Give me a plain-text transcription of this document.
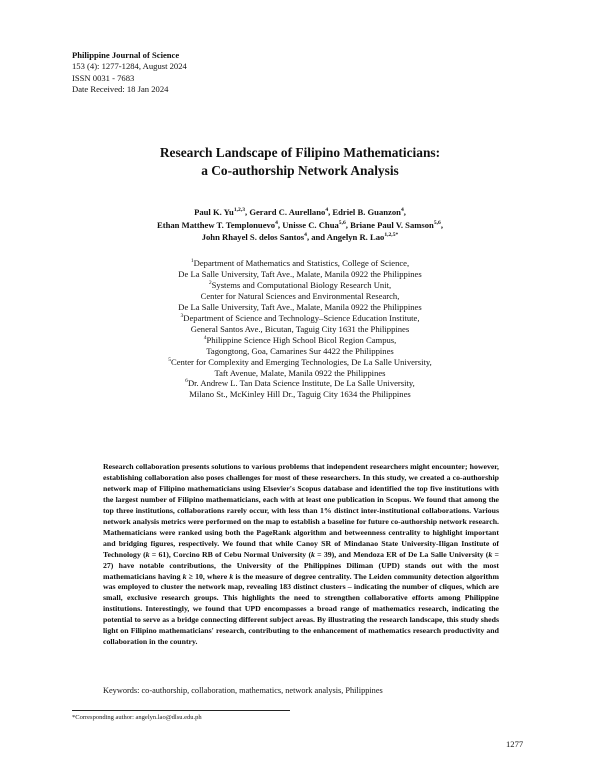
Philippine Journal of Science
153 (4): 1277-1284, August 2024
ISSN 0031 - 7683
Date Received: 18 Jan 2024
Research Landscape of Filipino Mathematicians:
a Co-authorship Network Analysis
Paul K. Yu$^{1,2,3}$, Gerard C. Aurellano$^4$, Edriel B. Guanzon$^4$,
Ethan Matthew T. Templonuevo$^4$, Unisse C. Chua$^{5,6}$, Briane Paul V. Samson$^{5,6}$,
John Rhayel S. delos Santos$^4$, and Angelyn R. Lao$^{1,2,5*}$
$^1$Department of Mathematics and Statistics, College of Science,
De La Salle University, Taft Ave., Malate, Manila 0922 the Philippines
$^2$Systems and Computational Biology Research Unit,
Center for Natural Sciences and Environmental Research,
De La Salle University, Taft Ave., Malate, Manila 0922 the Philippines
$^3$Department of Science and Technology–Science Education Institute,
General Santos Ave., Bicutan, Taguig City 1631 the Philippines
$^4$Philippine Science High School Bicol Region Campus,
Tagongtong, Goa, Camarines Sur 4422 the Philippines
$^5$Center for Complexity and Emerging Technologies, De La Salle University,
Taft Avenue, Malate, Manila 0922 the Philippines
$^6$Dr. Andrew L. Tan Data Science Institute, De La Salle University,
Milano St., McKinley Hill Dr., Taguig City 1634 the Philippines
Research collaboration presents solutions to various problems that independent researchers might encounter; however, establishing collaboration also poses challenges for most of these researchers. In this study, we created a co-authorship network map of Filipino mathematicians using Elsevier's Scopus database and identified the top five institutions with the largest number of Filipino mathematicians, each with at least one publication in Scopus. We found that among the top three institutions, collaborations rarely occur, with less than 1% distinct inter-institutional collaborations. Various network analysis metrics were performed on the map to establish a baseline for future co-authorship network research. Mathematicians were ranked using both the PageRank algorithm and betweenness centrality to highlight important and bridging figures, respectively. We found that while Canoy SR of Mindanao State University-Iligan Institute of Technology (k = 61), Corcino RB of Cebu Normal University (k = 39), and Mendoza ER of De La Salle University (k = 27) have notable contributions, the University of the Philippines Diliman (UPD) stands out with the most mathematicians having k ≥ 10, where k is the measure of degree centrality. The Leiden community detection algorithm was employed to cluster the network map, revealing 183 distinct clusters – indicating the number of cliques, which are small, exclusive research groups. This highlights the need to strengthen collaborative efforts among Philippine institutions. Interestingly, we found that UPD encompasses a broad range of mathematics research, indicating the potential to serve as a bridge connecting different subject areas. By illustrating the research landscape, this study sheds light on Filipino mathematicians' research, contributing to the enhancement of mathematics research productivity and collaboration in the country.
Keywords: co-authorship, collaboration, mathematics, network analysis, Philippines
*Corresponding author: angelyn.lao@dlsu.edu.ph
1277
